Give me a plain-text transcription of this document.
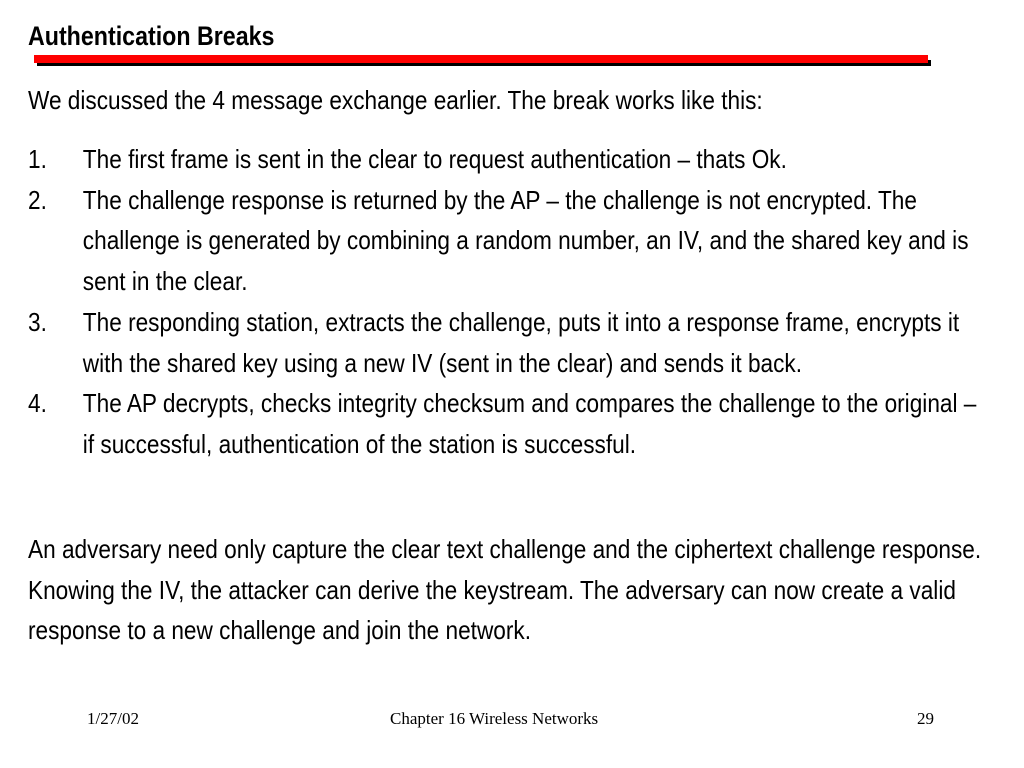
Authentication Breaks
We discussed the 4 message exchange earlier. The break works like this:
1.	The first frame is sent in the clear to request authentication – thats Ok.
2.	The challenge response is returned by the AP – the challenge is not encrypted. The challenge is generated by combining a random number, an IV, and the shared key and is sent in the clear.
3.	The responding station, extracts the challenge, puts it into a response frame, encrypts it with the shared key using a new IV (sent in the clear) and sends it back.
4.	The AP decrypts, checks integrity checksum and compares the challenge to the original – if successful, authentication of the station is successful.
An adversary need only capture the clear text challenge and the ciphertext challenge response. Knowing the IV, the attacker can derive the keystream. The adversary can now create a valid response to a new challenge and join the network.
1/27/02	Chapter 16 Wireless Networks	29
